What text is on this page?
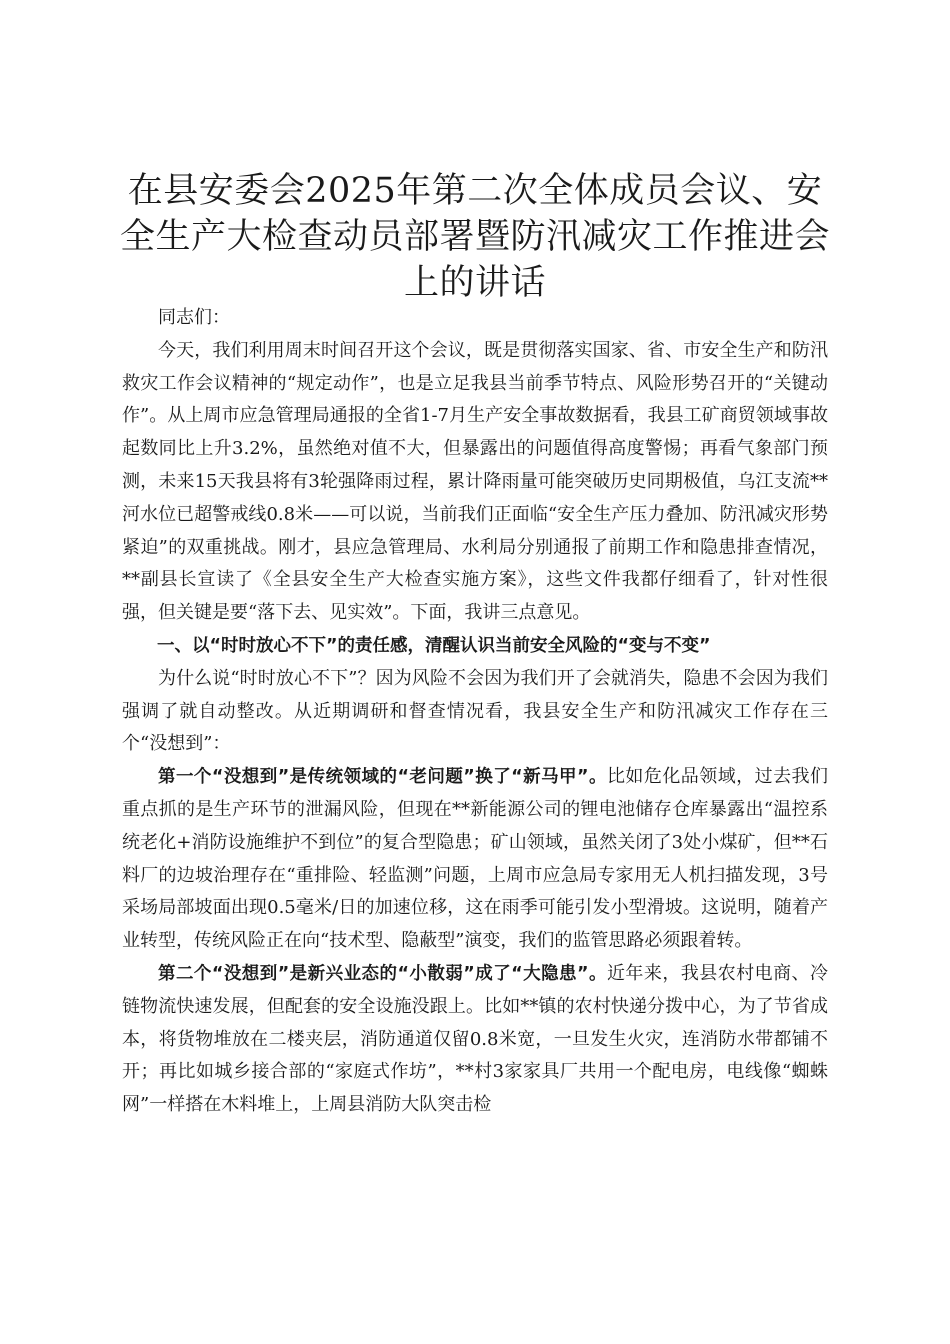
在县安委会2025年第二次全体成员会议、安全生产大检查动员部署暨防汛减灾工作推进会上的讲话

同志们：

今天，我们利用周末时间召开这个会议，既是贯彻落实国家、省、市安全生产和防汛救灾工作会议精神的“规定动作”，也是立足我县当前季节特点、风险形势召开的“关键动作”。从上周市应急管理局通报的全省1-7月生产安全事故数据看，我县工矿商贸领域事故起数同比上升3.2%，虽然绝对值不大，但暴露出的问题值得高度警惕；再看气象部门预测，未来15天我县将有3轮强降雨过程，累计降雨量可能突破历史同期极值，乌江支流**河水位已超警戒线0.8米——可以说，当前我们正面临“安全生产压力叠加、防汛减灾形势紧迫”的双重挑战。刚才，县应急管理局、水利局分别通报了前期工作和隐患排查情况，**副县长宣读了《全县安全生产大检查实施方案》，这些文件我都仔细看了，针对性很强，但关键是要“落下去、见实效”。下面，我讲三点意见。

一、以“时时放心不下”的责任感，清醒认识当前安全风险的“变与不变”

为什么说“时时放心不下”？因为风险不会因为我们开了会就消失，隐患不会因为我们强调了就自动整改。从近期调研和督查情况看，我县安全生产和防汛减灾工作存在三个“没想到”：

第一个“没想到”是传统领域的“老问题”换了“新马甲”。比如危化品领域，过去我们重点抓的是生产环节的泄漏风险，但现在**新能源公司的锂电池储存仓库暴露出“温控系统老化+消防设施维护不到位”的复合型隐患；矿山领域，虽然关闭了3处小煤矿，但**石料厂的边坡治理存在“重排险、轻监测”问题，上周市应急局专家用无人机扫描发现，3号采场局部坡面出现0.5毫米/日的加速位移，这在雨季可能引发小型滑坡。这说明，随着产业转型，传统风险正在向“技术型、隐蔽型”演变，我们的监管思路必须跟着转。

第二个“没想到”是新兴业态的“小散弱”成了“大隐患”。近年来，我县农村电商、冷链物流快速发展，但配套的安全设施没跟上。比如**镇的农村快递分拨中心，为了节省成本，将货物堆放在二楼夹层，消防通道仅留0.8米宽，一旦发生火灾，连消防水带都铺不开；再比如城乡接合部的“家庭式作坊”，**村3家家具厂共用一个配电房，电线像“蜘蛛网”一样搭在木料堆上，上周县消防大队突击检
